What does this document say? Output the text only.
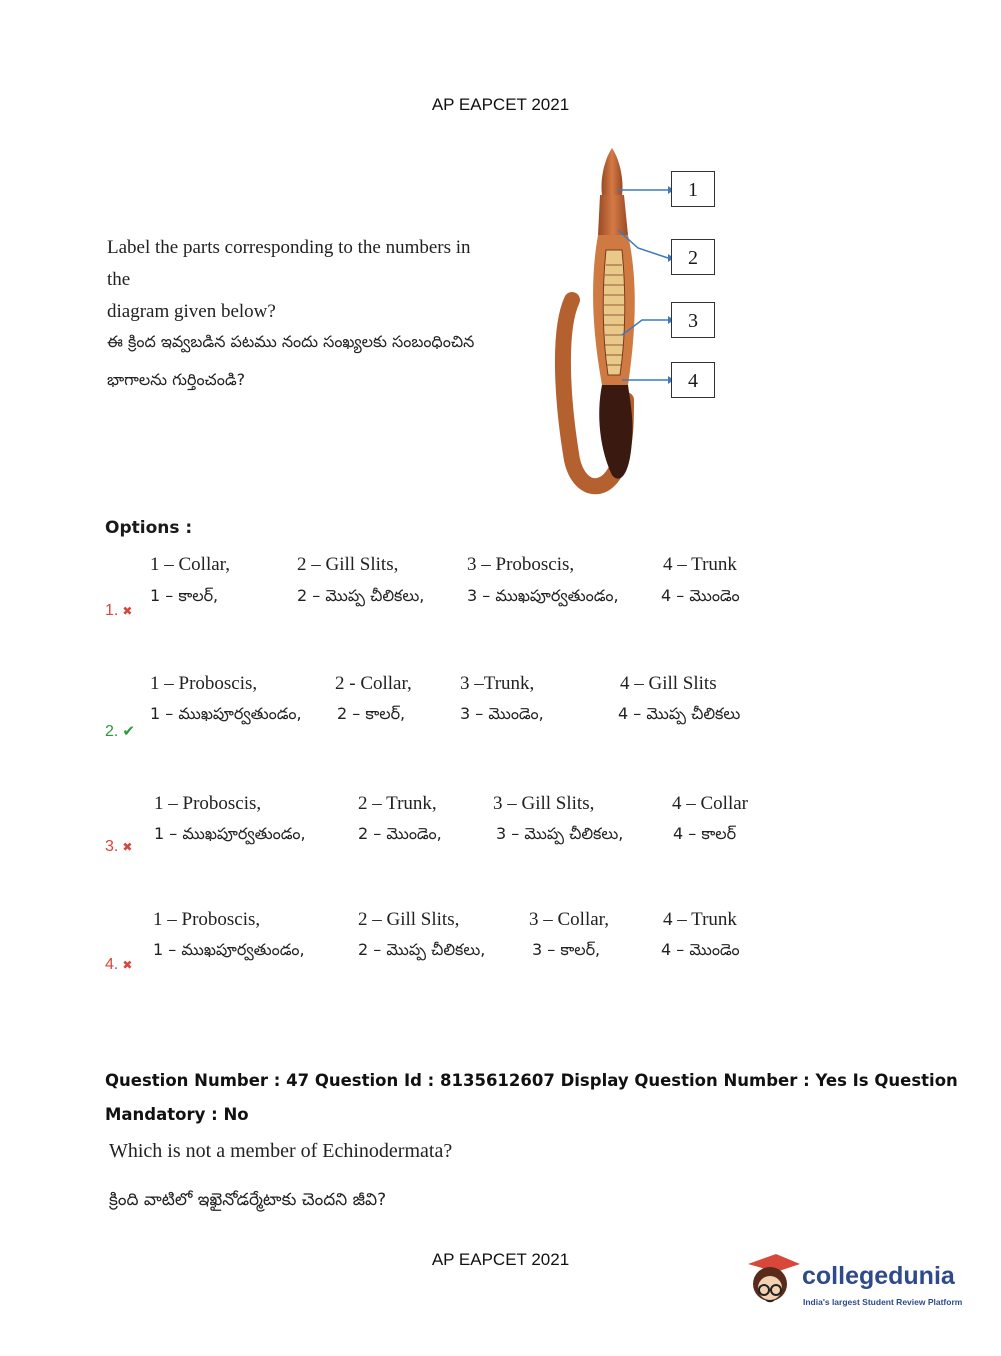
AP EAPCET 2021
Label the parts corresponding to the numbers in the
diagram given below?
ఈ క్రింద ఇవ్వబడిన పటము నందు సంఖ్యలకు సంబంధించిన
భాగాలను గుర్తించండి?
1
2
3
4
Options :
1 – Collar,	2 – Gill Slits,	3 – Proboscis,	4 – Trunk
1 – కాలర్,	2 – మొప్ప చీలికలు,	3 – ముఖపూర్వతుండం,	4 – మొండెం
1. ✖
1 – Proboscis,	2 - Collar,	3 –Trunk,	4 – Gill Slits
1 – ముఖపూర్వతుండం, 2 – కాలర్,	3 – మొండెం,	4 – మొప్ప చీలికలు
2. ✔
1 – Proboscis,	2 – Trunk,	3 – Gill Slits,	4 – Collar
1 – ముఖపూర్వతుండం,	2 – మొండెం,	3 – మొప్ప చీలికలు,	4 – కాలర్
3. ✖
1 – Proboscis,	2 – Gill Slits,	3 – Collar,	4 – Trunk
1 – ముఖపూర్వతుండం,	2 – మొప్ప చీలికలు,	3 – కాలర్,	4 – మొండెం
4. ✖
Question Number : 47 Question Id : 8135612607 Display Question Number : Yes Is Question
Mandatory : No
Which is not a member of Echinodermata?
క్రింది వాటిలో ఇఖైనోడర్మేటాకు చెందని జీవి?
AP EAPCET 2021
collegedunia
India's largest Student Review Platform
